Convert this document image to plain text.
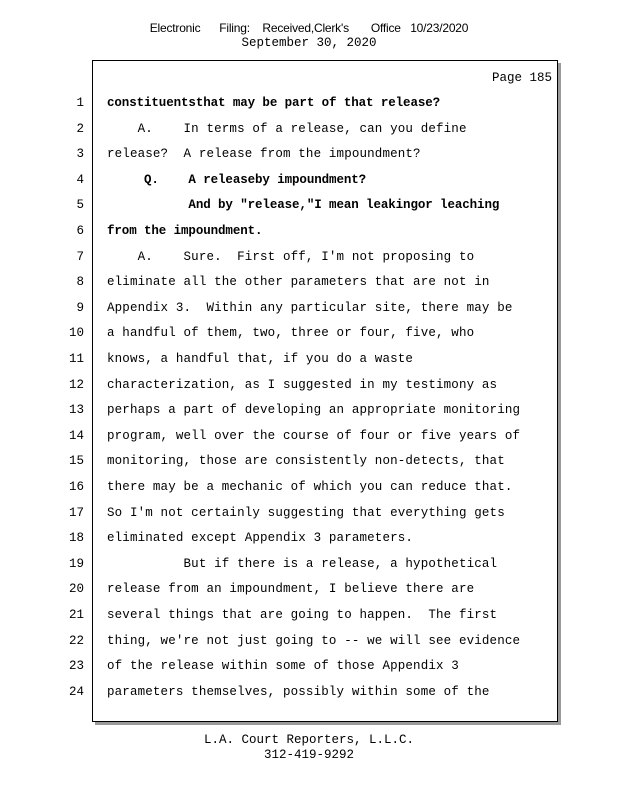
Electronic Filing: Received,Clerk's Office 10/23/2020
September 30, 2020
Page 185
1 constituentsthat may be part of that release?
2 A.    In terms of a release, can you define
3 release?  A release from the impoundment?
4 Q.    A releaseby impoundment?
5 And by "release,"I mean leakingor leaching
6 from the impoundment.
7 A.    Sure.  First off, I'm not proposing to
8 eliminate all the other parameters that are not in
9 Appendix 3.  Within any particular site, there may be
10 a handful of them, two, three or four, five, who
11 knows, a handful that, if you do a waste
12 characterization, as I suggested in my testimony as
13 perhaps a part of developing an appropriate monitoring
14 program, well over the course of four or five years of
15 monitoring, those are consistently non-detects, that
16 there may be a mechanic of which you can reduce that.
17 So I'm not certainly suggesting that everything gets
18 eliminated except Appendix 3 parameters.
19 But if there is a release, a hypothetical
20 release from an impoundment, I believe there are
21 several things that are going to happen.  The first
22 thing, we're not just going to -- we will see evidence
23 of the release within some of those Appendix 3
24 parameters themselves, possibly within some of the
L.A. Court Reporters, L.L.C.
312-419-9292
